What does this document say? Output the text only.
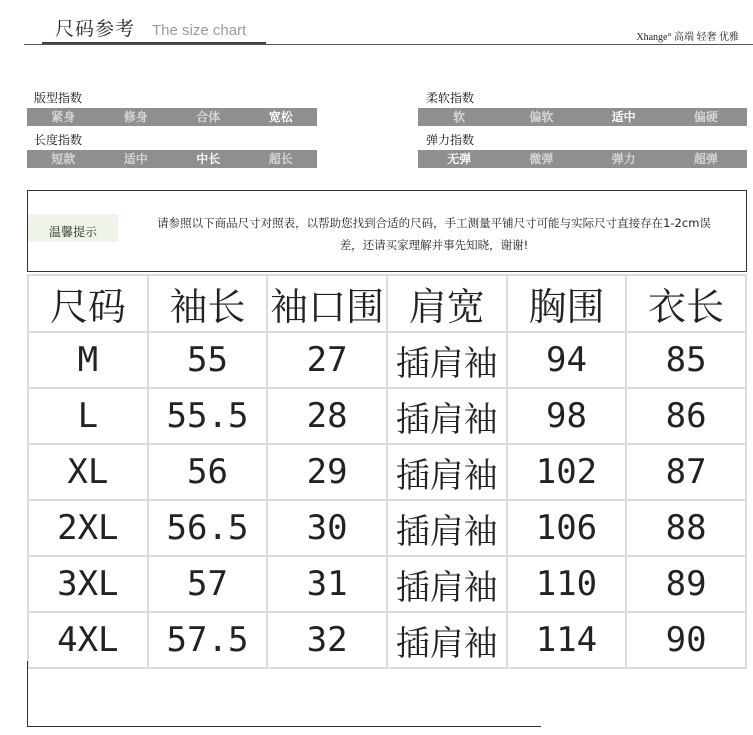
尺码参考 The size chart	Xhange° 高端 轻奢 优雅
版型指数
紧身	修身	合体	宽松
长度指数
短款	适中	中长	超长
柔软指数
软	偏软	适中	偏硬
弹力指数
无弹	微弹	弹力	超弹
温馨提示
请参照以下商品尺寸对照表，以帮助您找到合适的尺码，手工测量平铺尺寸可能与实际尺寸直接存在1-2cm误
差，还请买家理解并事先知晓，谢谢!
尺码	袖长	袖口围	肩宽	胸围	衣长
M	55	27	插肩袖	94	85
L	55.5	28	插肩袖	98	86
XL	56	29	插肩袖	102	87
2XL	56.5	30	插肩袖	106	88
3XL	57	31	插肩袖	110	89
4XL	57.5	32	插肩袖	114	90
